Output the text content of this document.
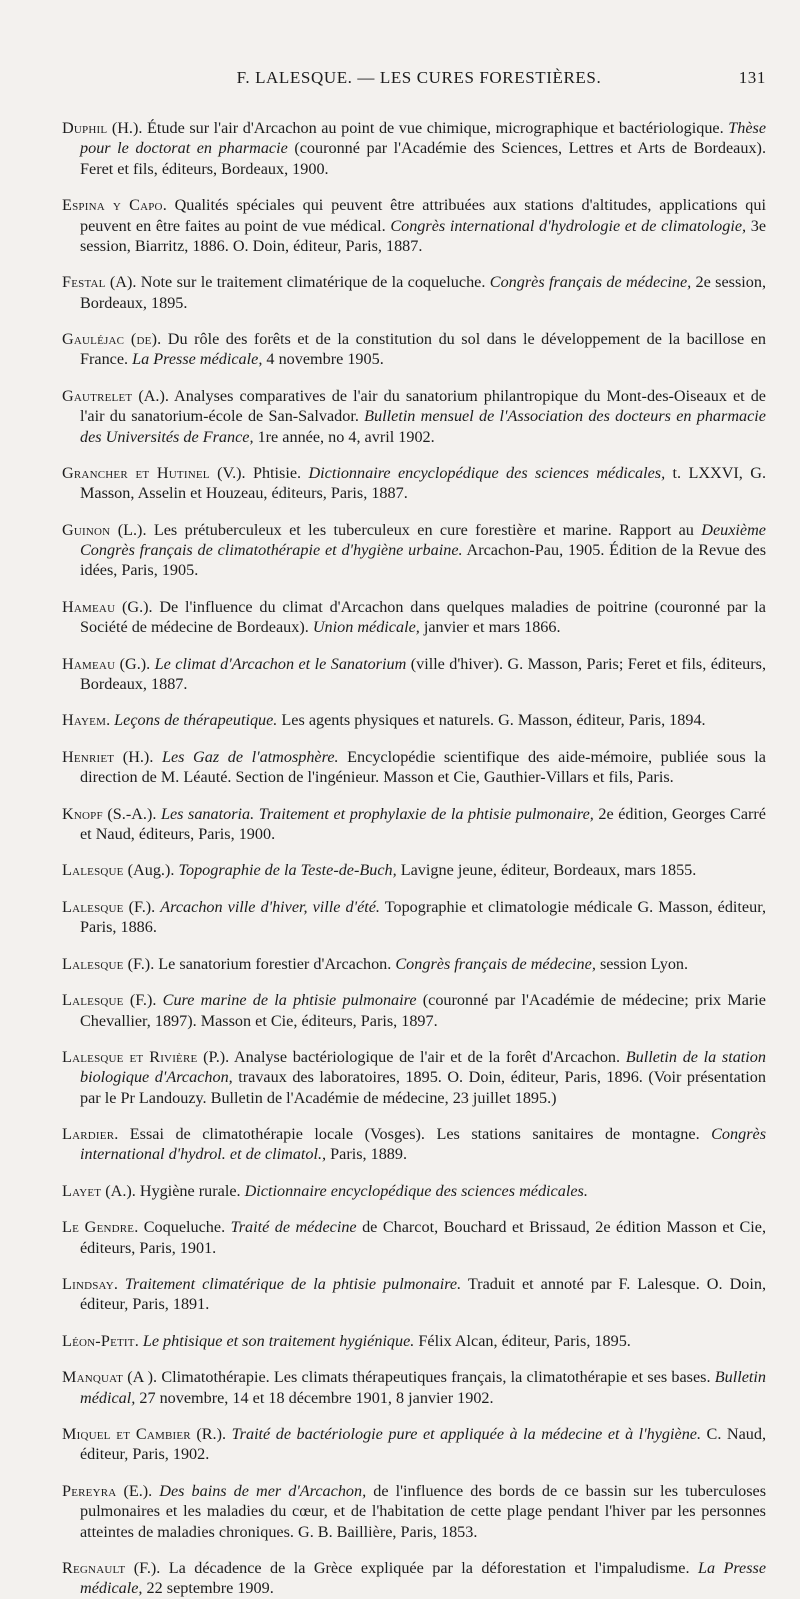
F. LALESQUE. — LES CURES FORESTIÈRES.	131

Duphil (H.). Étude sur l'air d'Arcachon au point de vue chimique, micrographique et bactériologique. Thèse pour le doctorat en pharmacie (couronné par l'Académie des Sciences, Lettres et Arts de Bordeaux). Feret et fils, éditeurs, Bordeaux, 1900.

Espina y Capo. Qualités spéciales qui peuvent être attribuées aux stations d'altitudes, applications qui peuvent en être faites au point de vue médical. Congrès international d'hydrologie et de climatologie, 3e session, Biarritz, 1886. O. Doin, éditeur, Paris, 1887.

Festal (A). Note sur le traitement climatérique de la coqueluche. Congrès français de médecine, 2e session, Bordeaux, 1895.

Gauléjac (de). Du rôle des forêts et de la constitution du sol dans le développement de la bacillose en France. La Presse médicale, 4 novembre 1905.

Gautrelet (A.). Analyses comparatives de l'air du sanatorium philantropique du Mont-des-Oiseaux et de l'air du sanatorium-école de San-Salvador. Bulletin mensuel de l'Association des docteurs en pharmacie des Universités de France, 1re année, no 4, avril 1902.

Grancher et Hutinel (V.). Phtisie. Dictionnaire encyclopédique des sciences médicales, t. LXXVI, G. Masson, Asselin et Houzeau, éditeurs, Paris, 1887.

Guinon (L.). Les prétuberculeux et les tuberculeux en cure forestière et marine. Rapport au Deuxième Congrès français de climatothérapie et d'hygiène urbaine. Arcachon-Pau, 1905. Édition de la Revue des idées, Paris, 1905.

Hameau (G.). De l'influence du climat d'Arcachon dans quelques maladies de poitrine (couronné par la Société de médecine de Bordeaux). Union médicale, janvier et mars 1866.

Hameau (G.). Le climat d'Arcachon et le Sanatorium (ville d'hiver). G. Masson, Paris; Feret et fils, éditeurs, Bordeaux, 1887.

Hayem. Leçons de thérapeutique. Les agents physiques et naturels. G. Masson, éditeur, Paris, 1894.

Henriet (H.). Les Gaz de l'atmosphère. Encyclopédie scientifique des aide-mémoire, publiée sous la direction de M. Léauté. Section de l'ingénieur. Masson et Cie, Gauthier-Villars et fils, Paris.

Knopf (S.-A.). Les sanatoria. Traitement et prophylaxie de la phtisie pulmonaire, 2e édition, Georges Carré et Naud, éditeurs, Paris, 1900.

Lalesque (Aug.). Topographie de la Teste-de-Buch, Lavigne jeune, éditeur, Bordeaux, mars 1855.

Lalesque (F.). Arcachon ville d'hiver, ville d'été. Topographie et climatologie médicale G. Masson, éditeur, Paris, 1886.

Lalesque (F.). Le sanatorium forestier d'Arcachon. Congrès français de médecine, session Lyon.

Lalesque (F.). Cure marine de la phtisie pulmonaire (couronné par l'Académie de médecine; prix Marie Chevallier, 1897). Masson et Cie, éditeurs, Paris, 1897.

Lalesque et Rivière (P.). Analyse bactériologique de l'air et de la forêt d'Arcachon. Bulletin de la station biologique d'Arcachon, travaux des laboratoires, 1895. O. Doin, éditeur, Paris, 1896. (Voir présentation par le Pr Landouzy. Bulletin de l'Académie de médecine, 23 juillet 1895.)

Lardier. Essai de climatothérapie locale (Vosges). Les stations sanitaires de montagne. Congrès international d'hydrol. et de climatol., Paris, 1889.

Layet (A.). Hygiène rurale. Dictionnaire encyclopédique des sciences médicales.

Le Gendre. Coqueluche. Traité de médecine de Charcot, Bouchard et Brissaud, 2e édition Masson et Cie, éditeurs, Paris, 1901.

Lindsay. Traitement climatérique de la phtisie pulmonaire. Traduit et annoté par F. Lalesque. O. Doin, éditeur, Paris, 1891.

Léon-Petit. Le phtisique et son traitement hygiénique. Félix Alcan, éditeur, Paris, 1895.

Manquat (A ). Climatothérapie. Les climats thérapeutiques français, la climatothérapie et ses bases. Bulletin médical, 27 novembre, 14 et 18 décembre 1901, 8 janvier 1902.

Miquel et Cambier (R.). Traité de bactériologie pure et appliquée à la médecine et à l'hygiène. C. Naud, éditeur, Paris, 1902.

Pereyra (E.). Des bains de mer d'Arcachon, de l'influence des bords de ce bassin sur les tuberculoses pulmonaires et les maladies du cœur, et de l'habitation de cette plage pendant l'hiver par les personnes atteintes de maladies chroniques. G. B. Baillière, Paris, 1853.

Regnault (F.). La décadence de la Grèce expliquée par la déforestation et l'impaludisme. La Presse médicale, 22 septembre 1909.
